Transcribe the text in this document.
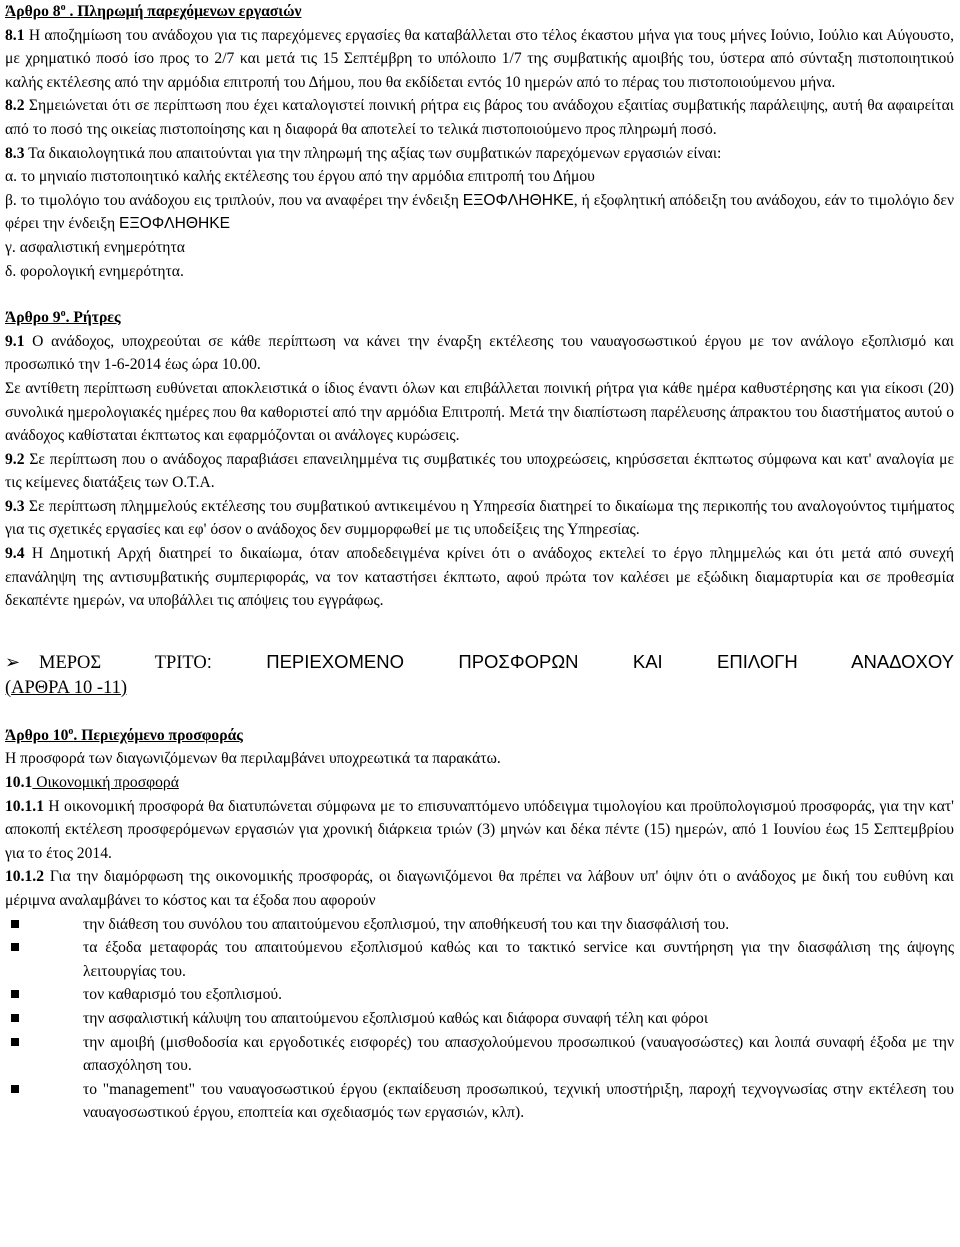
Άρθρο $8^o$ . Πληρωμή παρεχόμενων εργασιών

8.1 Η αποζημίωση του ανάδοχου για τις παρεχόμενες εργασίες θα καταβάλλεται στο τέλος έκαστου μήνα για τους μήνες Ιούνιο, Ιούλιο και Αύγουστο, με χρηματικό ποσό ίσο προς το 2/7 και μετά τις 15 Σεπτέμβρη το υπόλοιπο 1/7 της συμβατικής αμοιβής του, ύστερα από σύνταξη πιστοποιητικού καλής εκτέλεσης από την αρμόδια επιτροπή του Δήμου, που θα εκδίδεται εντός 10 ημερών από το πέρας του πιστοποιούμενου μήνα.

8.2 Σημειώνεται ότι σε περίπτωση που έχει καταλογιστεί ποινική ρήτρα εις βάρος του ανάδοχου εξαιτίας συμβατικής παράλειψης, αυτή θα αφαιρείται από το ποσό της οικείας πιστοποίησης και η διαφορά θα αποτελεί το τελικά πιστοποιούμενο προς πληρωμή ποσό.

8.3 Τα δικαιολογητικά που απαιτούνται για την πληρωμή της αξίας των συμβατικών παρεχόμενων εργασιών είναι:

α. το μηνιαίο πιστοποιητικό καλής εκτέλεσης του έργου από την αρμόδια επιτροπή του Δήμου

β. το τιμολόγιο του ανάδοχου εις τριπλούν, που να αναφέρει την ένδειξη ΕΞΟΦΛΗΘΗΚΕ, ή εξοφλητική απόδειξη του ανάδοχου, εάν το τιμολόγιο δεν φέρει την ένδειξη ΕΞΟΦΛΗΘΗΚΕ

γ. ασφαλιστική ενημερότητα

δ. φορολογική ενημερότητα.

Άρθρο $9^o$. Ρήτρες

9.1 Ο ανάδοχος, υποχρεούται σε κάθε περίπτωση να κάνει την έναρξη εκτέλεσης του ναυαγοσωστικού έργου με τον ανάλογο εξοπλισμό και προσωπικό την 1-6-2014 έως ώρα 10.00.

Σε αντίθετη περίπτωση ευθύνεται αποκλειστικά ο ίδιος έναντι όλων και επιβάλλεται ποινική ρήτρα για κάθε ημέρα καθυστέρησης και για είκοσι (20) συνολικά ημερολογιακές ημέρες που θα καθοριστεί από την αρμόδια Επιτροπή. Μετά την διαπίστωση παρέλευσης άπρακτου του διαστήματος αυτού ο ανάδοχος καθίσταται έκπτωτος και εφαρμόζονται οι ανάλογες κυρώσεις.

9.2 Σε περίπτωση που ο ανάδοχος παραβιάσει επανειλημμένα τις συμβατικές του υποχρεώσεις, κηρύσσεται έκπτωτος σύμφωνα και κατ' αναλογία με τις κείμενες διατάξεις των Ο.Τ.Α.

9.3 Σε περίπτωση πλημμελούς εκτέλεσης του συμβατικού αντικειμένου η Υπηρεσία διατηρεί το δικαίωμα της περικοπής του αναλογούντος τιμήματος για τις σχετικές εργασίες και εφ' όσον ο ανάδοχος δεν συμμορφωθεί με τις υποδείξεις της Υπηρεσίας.

9.4 Η Δημοτική Αρχή διατηρεί το δικαίωμα, όταν αποδεδειγμένα κρίνει ότι ο ανάδοχος εκτελεί το έργο πλημμελώς και ότι μετά από συνεχή επανάληψη της αντισυμβατικής συμπεριφοράς, να τον καταστήσει έκπτωτο, αφού πρώτα τον καλέσει με εξώδικη διαμαρτυρία και σε προθεσμία δεκαπέντε ημερών, να υποβάλλει τις απόψεις του εγγράφως.

➢	ΜΕΡΟΣ ΤΡΙΤΟ: ΠΕΡΙΕΧΟΜΕΝΟ ΠΡΟΣΦΟΡΩΝ ΚΑΙ ΕΠΙΛΟΓΗ ΑΝΑΔΟΧΟΥ
(ΑΡΘΡΑ 10 -11)

Άρθρο $10^o$. Περιεχόμενο προσφοράς

Η προσφορά των διαγωνιζόμενων θα περιλαμβάνει υποχρεωτικά τα παρακάτω.

10.1 Οικονομική προσφορά

10.1.1 Η οικονομική προσφορά θα διατυπώνεται σύμφωνα με το επισυναπτόμενο υπόδειγμα τιμολογίου και προϋπολογισμού προσφοράς, για την κατ' αποκοπή εκτέλεση προσφερόμενων εργασιών για χρονική διάρκεια τριών (3) μηνών και δέκα πέντε (15) ημερών, από 1 Ιουνίου έως 15 Σεπτεμβρίου για το έτος 2014.

10.1.2 Για την διαμόρφωση της οικονομικής προσφοράς, οι διαγωνιζόμενοι θα πρέπει να λάβουν υπ' όψιν ότι ο ανάδοχος με δική του ευθύνη και μέριμνα αναλαμβάνει το κόστος και τα έξοδα που αφορούν

την διάθεση του συνόλου του απαιτούμενου εξοπλισμού, την αποθήκευσή του και την διασφάλισή του.
τα έξοδα μεταφοράς του απαιτούμενου εξοπλισμού καθώς και το τακτικό service και συντήρηση για την διασφάλιση της άψογης λειτουργίας του.
τον καθαρισμό του εξοπλισμού.
την ασφαλιστική κάλυψη του απαιτούμενου εξοπλισμού καθώς και διάφορα συναφή τέλη και φόροι
την αμοιβή (μισθοδοσία και εργοδοτικές εισφορές) του απασχολούμενου προσωπικού (ναυαγοσώστες) και λοιπά συναφή έξοδα με την απασχόληση του.
το "management" του ναυαγοσωστικού έργου (εκπαίδευση προσωπικού, τεχνική υποστήριξη, παροχή τεχνογνωσίας στην εκτέλεση του ναυαγοσωστικού έργου, εποπτεία και σχεδιασμός των εργασιών, κλπ).
